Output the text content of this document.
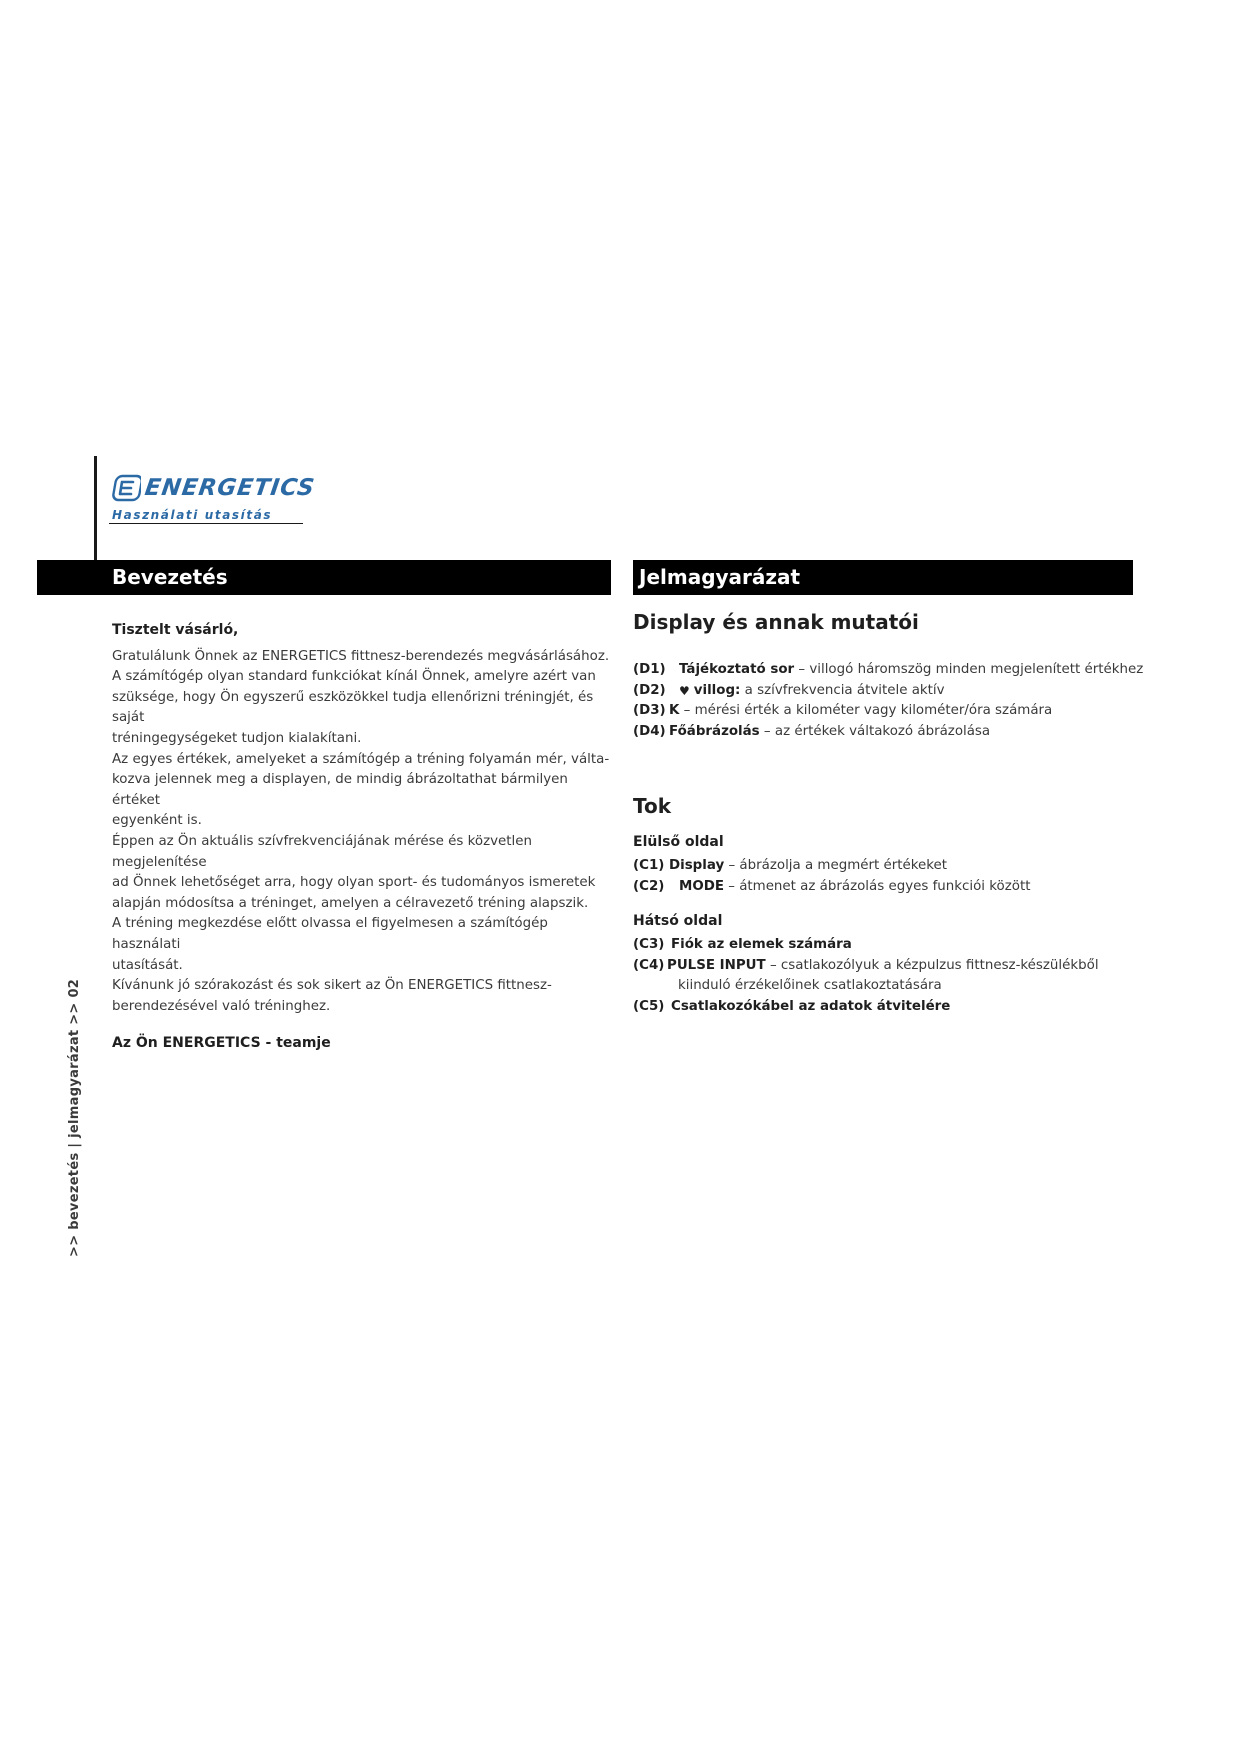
ENERGETICS
Használati utasítás
Bevezetés	Jelmagyarázat
Tisztelt vásárló,

Gratulálunk Önnek az ENERGETICS fittnesz-berendezés megvásárlásához.

A számítógép olyan standard funkciókat kínál Önnek, amelyre azért van

szüksége, hogy Ön egyszerű eszközökkel tudja ellenőrizni tréningjét, és saját

tréningegységeket tudjon kialakítani.

Az egyes értékek, amelyeket a számítógép a tréning folyamán mér, válta-

kozva jelennek meg a displayen, de mindig ábrázoltathat bármilyen értéket

egyenként is.

Éppen az Ön aktuális szívfrekvenciájának mérése és közvetlen megjelenítése

ad Önnek lehetőséget arra, hogy olyan sport- és tudományos ismeretek

alapján módosítsa a tréninget, amelyen a célravezető tréning alapszik.

A tréning megkezdése előtt olvassa el figyelmesen a számítógép használati

utasítását.

Kívánunk jó szórakozást és sok sikert az Ön ENERGETICS fittnesz-

berendezésével való tréninghez.

Az Ön ENERGETICS - teamje
Display és annak mutatói
(D1) Tájékoztató sor – villogó háromszög minden megjelenített értékhez
(D2)	♥ villog: a szívfrekvencia átvitele aktív
(D3) K – mérési érték a kilométer vagy kilométer/óra számára
(D4) Főábrázolás – az értékek váltakozó ábrázolása
Tok
Elülső oldal
(C1) Display – ábrázolja a megmért értékeket
(C2)	MODE – átmenet az ábrázolás egyes funkciói között
Hátsó oldal
(C3) Fiók az elemek számára
(C4) PULSE INPUT – csatlakozólyuk a kézpulzus fittnesz-készülékből
kiinduló érzékelőinek csatlakoztatására
(C5) Csatlakozókábel az adatok átvitelére
>> bevezetés | jelmagyarázat >> 02
